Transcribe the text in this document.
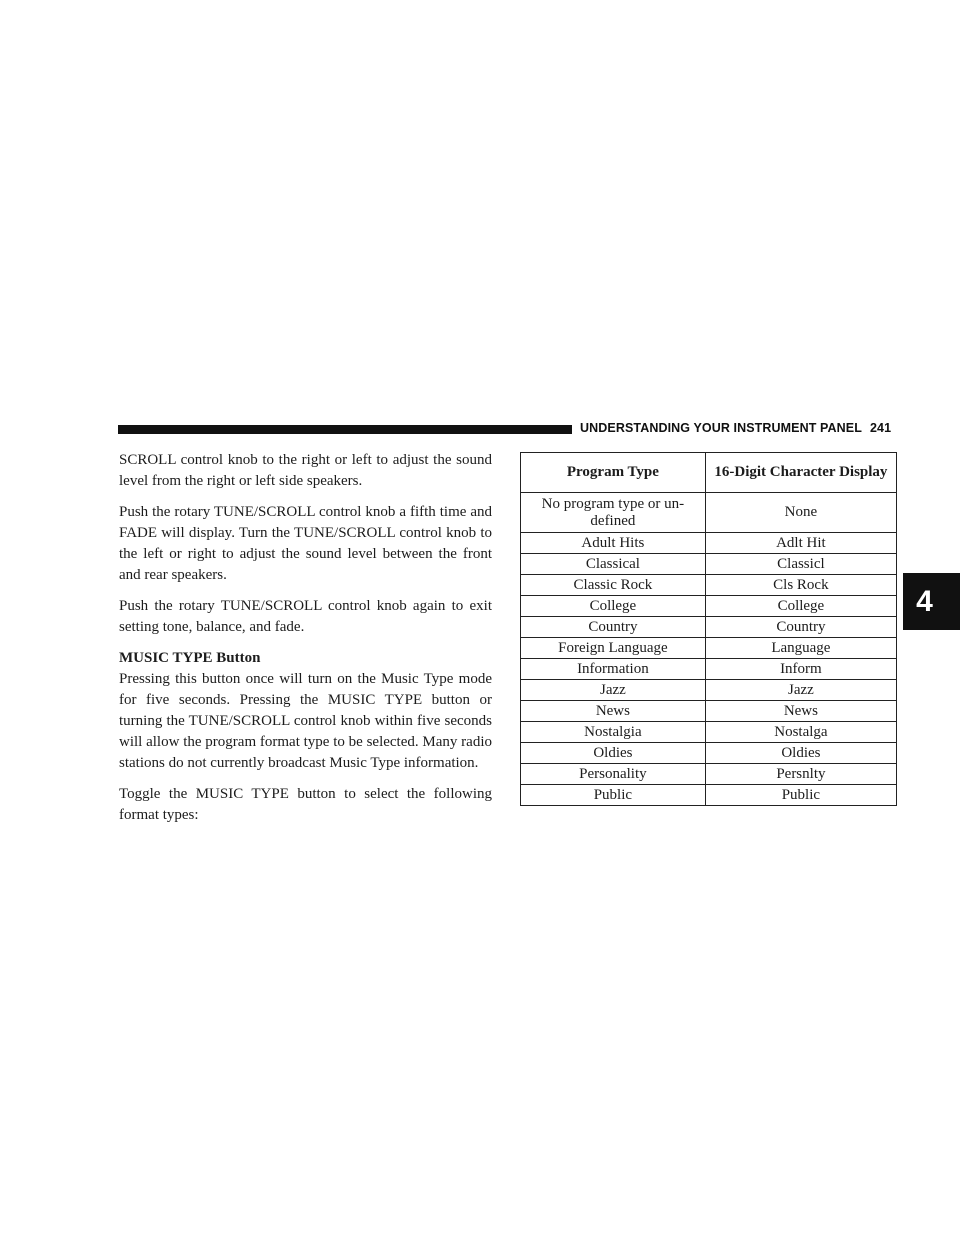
UNDERSTANDING YOUR INSTRUMENT PANEL 241
4

SCROLL control knob to the right or left to adjust the sound level from the right or left side speakers.

Push the rotary TUNE/SCROLL control knob a fifth time and FADE will display. Turn the TUNE/SCROLL control knob to the left or right to adjust the sound level between the front and rear speakers.

Push the rotary TUNE/SCROLL control knob again to exit setting tone, balance, and fade.

MUSIC TYPE Button

Pressing this button once will turn on the Music Type mode for five seconds. Pressing the MUSIC TYPE button or turning the TUNE/SCROLL control knob within five seconds will allow the program format type to be selected. Many radio stations do not currently broadcast Music Type information.

Toggle the MUSIC TYPE button to select the following format types:

Program Type	16-Digit Character Display
No program type or undefined	None
Adult Hits	Adlt Hit
Classical	Classicl
Classic Rock	Cls Rock
College	College
Country	Country
Foreign Language	Language
Information	Inform
Jazz	Jazz
News	News
Nostalgia	Nostalga
Oldies	Oldies
Personality	Persnlty
Public	Public
